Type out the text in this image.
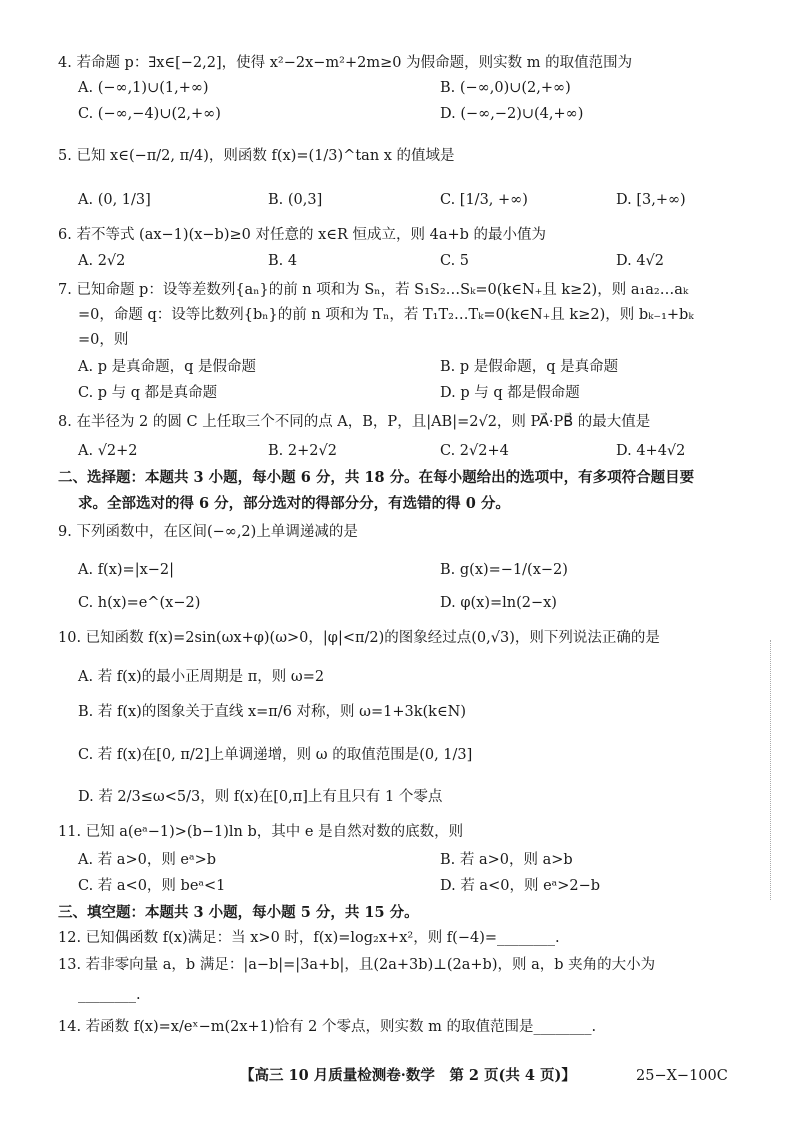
4. 若命题 p：∃x∈[−2,2]，使得 x²−2x−m²+2m≥0 为假命题，则实数 m 的取值范围为
A. (−∞,1)∪(1,+∞)	B. (−∞,0)∪(2,+∞)
C. (−∞,−4)∪(2,+∞)	D. (−∞,−2)∪(4,+∞)
5. 已知 x∈(−π/2, π/4)，则函数 f(x)=(1/3)^tan x 的值域是
A. (0, 1/3]	B. (0,3]	C. [1/3, +∞)	D. [3,+∞)
6. 若不等式 (ax−1)(x−b)≥0 对任意的 x∈R 恒成立，则 4a+b 的最小值为
A. 2√2	B. 4	C. 5	D. 4√2
7. 已知命题 p：设等差数列{aₙ}的前 n 项和为 Sₙ，若 S₁S₂…Sₖ=0(k∈N₊且 k≥2)，则 a₁a₂…aₖ
=0，命题 q：设等比数列{bₙ}的前 n 项和为 Tₙ，若 T₁T₂…Tₖ=0(k∈N₊且 k≥2)，则 bₖ₋₁+bₖ
=0，则
A. p 是真命题，q 是假命题	B. p 是假命题，q 是真命题
C. p 与 q 都是真命题	D. p 与 q 都是假命题
8. 在半径为 2 的圆 C 上任取三个不同的点 A，B，P，且|AB|=2√2，则 PA⃗·PB⃗ 的最大值是
A. √2+2	B. 2+2√2	C. 2√2+4	D. 4+4√2
二、选择题：本题共 3 小题，每小题 6 分，共 18 分。在每小题给出的选项中，有多项符合题目要
求。全部选对的得 6 分，部分选对的得部分分，有选错的得 0 分。
9. 下列函数中，在区间(−∞,2)上单调递减的是
A. f(x)=|x−2|	B. g(x)=−1/(x−2)
C. h(x)=e^(x−2)	D. φ(x)=ln(2−x)
10. 已知函数 f(x)=2sin(ωx+φ)(ω>0，|φ|<π/2)的图象经过点(0,√3)，则下列说法正确的是
A. 若 f(x)的最小正周期是 π，则 ω=2
B. 若 f(x)的图象关于直线 x=π/6 对称，则 ω=1+3k(k∈N)
C. 若 f(x)在[0, π/2]上单调递增，则 ω 的取值范围是(0, 1/3]
D. 若 2/3≤ω<5/3，则 f(x)在[0,π]上有且只有 1 个零点
11. 已知 a(eᵃ−1)>(b−1)ln b，其中 e 是自然对数的底数，则
A. 若 a>0，则 eᵃ>b	B. 若 a>0，则 a>b
C. 若 a<0，则 beᵃ<1	D. 若 a<0，则 eᵃ>2−b
三、填空题：本题共 3 小题，每小题 5 分，共 15 分。
12. 已知偶函数 f(x)满足：当 x>0 时，f(x)=log₂x+x²，则 f(−4)=________.
13. 若非零向量 a，b 满足：|a−b|=|3a+b|，且(2a+3b)⊥(2a+b)，则 a，b 夹角的大小为
________.
14. 若函数 f(x)=x/eˣ−m(2x+1)恰有 2 个零点，则实数 m 的取值范围是________.
【高三 10 月质量检测卷·数学　第 2 页(共 4 页)】	25−X−100C
